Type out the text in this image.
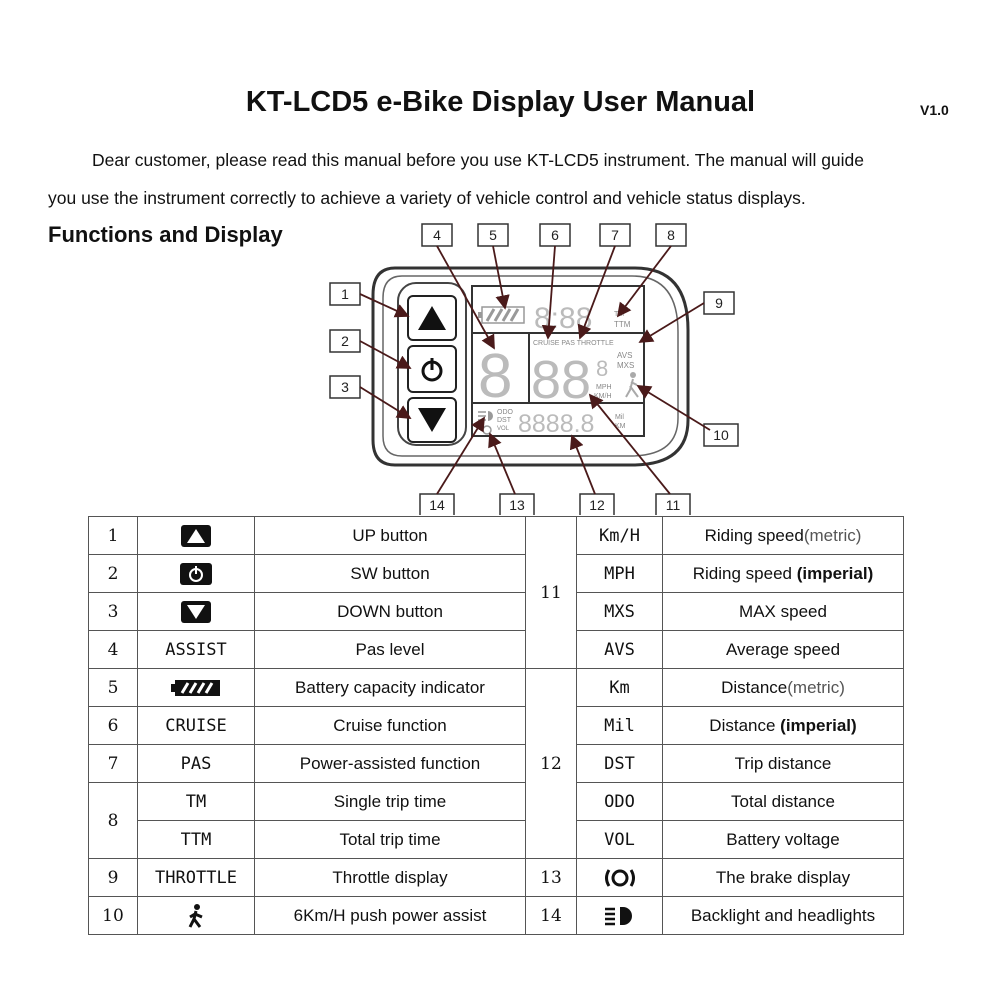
KT-LCD5 e-Bike Display User Manual	V1.0
Dear customer, please read this manual before you use KT-LCD5 instrument. The manual will guide
you use the instrument correctly to achieve a variety of vehicle control and vehicle status displays.
Functions and Display
8:88	TM
TTM
8	CRUISE PAS THROTTLE
88 8
AVS
MXS
MPH
KM/H
ODO
DST
VOL 8888.8	Mil
KM
1
2
3
4	5	6	7	8
9
10
11
12
13
14
1		UP button	11	Km/H	Riding speed(metric)
2		SW button		MPH	Riding speed (imperial)
3		DOWN button		MXS	MAX speed
4	ASSIST	Pas level		AVS	Average speed
5		Battery capacity indicator	12	Km	Distance(metric)
6	CRUISE	Cruise function		Mil	Distance (imperial)
7	PAS	Power-assisted function		DST	Trip distance
8	TM	Single trip time		ODO	Total distance
	TTM	Total trip time		VOL	Battery voltage
9	THROTTLE	Throttle display	13		The brake display
10		6Km/H push power assist	14		Backlight and headlights
